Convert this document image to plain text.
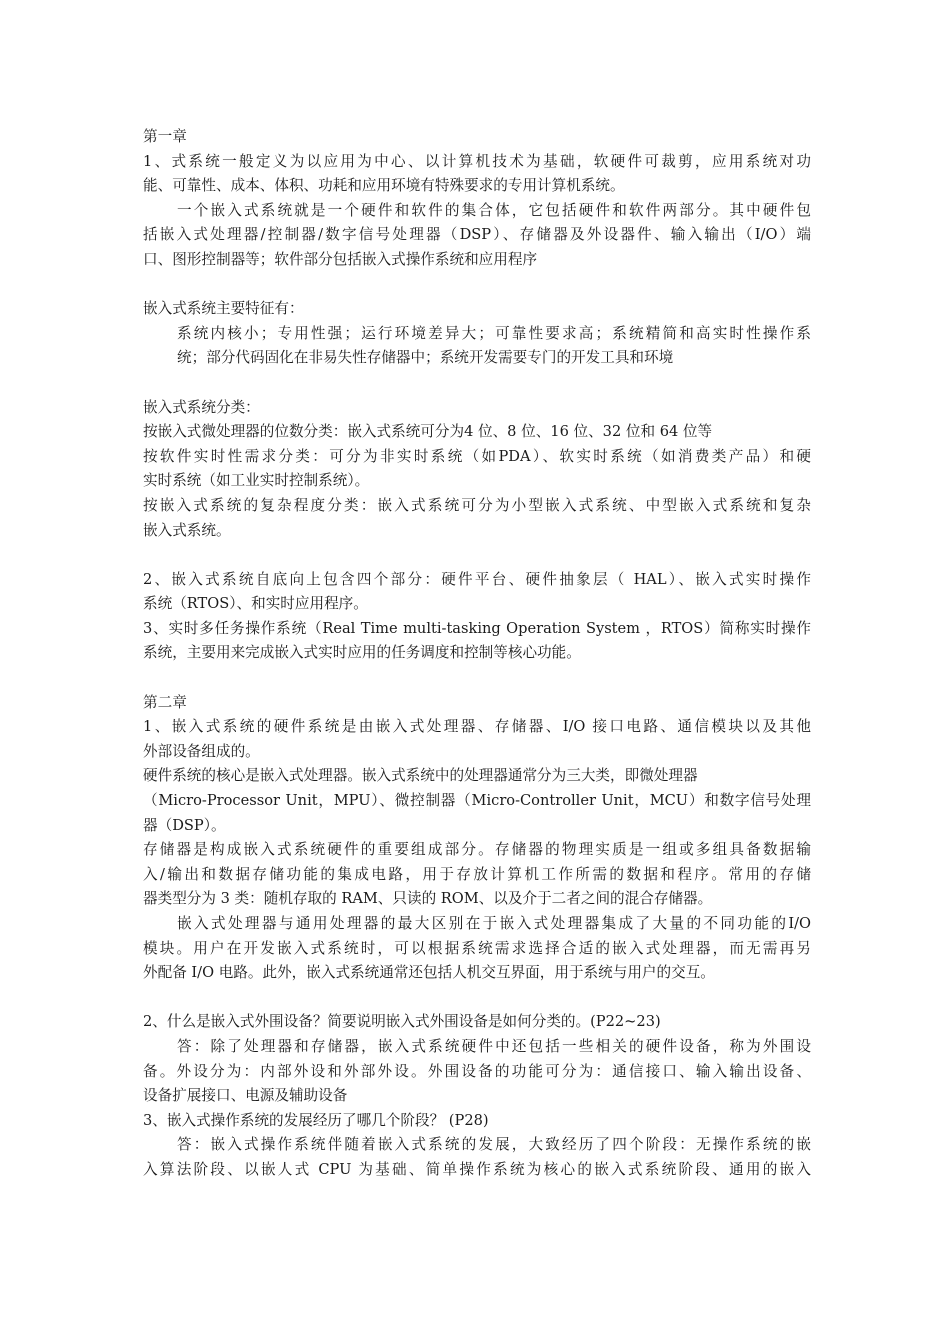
第一章
1、式系统一般定义为以应用为中心、以计算机技术为基础，软硬件可裁剪，应用系统对功
能、可靠性、成本、体积、功耗和应用环境有特殊要求的专用计算机系统。
一个嵌入式系统就是一个硬件和软件的集合体，它包括硬件和软件两部分。其中硬件包
括嵌入式处理器/控制器/数字信号处理器（DSP）、存储器及外设器件、输入输出（I/O）端
口、图形控制器等；软件部分包括嵌入式操作系统和应用程序
嵌入式系统主要特征有：
系统内核小；专用性强；运行环境差异大；可靠性要求高；系统精简和高实时性操作系
统；部分代码固化在非易失性存储器中；系统开发需要专门的开发工具和环境
嵌入式系统分类：
按嵌入式微处理器的位数分类：嵌入式系统可分为4 位、8 位、16 位、32 位和 64 位等
按软件实时性需求分类：可分为非实时系统（如PDA）、软实时系统（如消费类产品）和硬
实时系统（如工业实时控制系统）。
按嵌入式系统的复杂程度分类：嵌入式系统可分为小型嵌入式系统、中型嵌入式系统和复杂
嵌入式系统。
2、嵌入式系统自底向上包含四个部分：硬件平台、硬件抽象层（ HAL）、嵌入式实时操作
系统（RTOS）、和实时应用程序。
3、实时多任务操作系统（Real Time multi-tasking Operation System ，RTOS）简称实时操作
系统，主要用来完成嵌入式实时应用的任务调度和控制等核心功能。
第二章
1、嵌入式系统的硬件系统是由嵌入式处理器、存储器、I/O 接口电路、通信模块以及其他
外部设备组成的。
硬件系统的核心是嵌入式处理器。嵌入式系统中的处理器通常分为三大类，即微处理器
（Micro-Processor Unit，MPU）、微控制器（Micro-Controller Unit，MCU）和数字信号处理
器（DSP）。
存储器是构成嵌入式系统硬件的重要组成部分。存储器的物理实质是一组或多组具备数据输
入/输出和数据存储功能的集成电路，用于存放计算机工作所需的数据和程序。常用的存储
器类型分为 3 类：随机存取的 RAM、只读的 ROM、以及介于二者之间的混合存储器。
嵌入式处理器与通用处理器的最大区别在于嵌入式处理器集成了大量的不同功能的I/O
模块。用户在开发嵌入式系统时，可以根据系统需求选择合适的嵌入式处理器，而无需再另
外配备 I/O 电路。此外，嵌入式系统通常还包括人机交互界面，用于系统与用户的交互。
2、什么是嵌入式外围设备？简要说明嵌入式外围设备是如何分类的。(P22~23)
答：除了处理器和存储器，嵌入式系统硬件中还包括一些相关的硬件设备，称为外围设
备。外设分为：内部外设和外部外设。外围设备的功能可分为：通信接口、输入输出设备、
设备扩展接口、电源及辅助设备
3、嵌入式操作系统的发展经历了哪几个阶段？ (P28)
答：嵌入式操作系统伴随着嵌入式系统的发展，大致经历了四个阶段：无操作系统的嵌
入算法阶段、以嵌人式 CPU 为基础、简单操作系统为核心的嵌入式系统阶段、通用的嵌入
